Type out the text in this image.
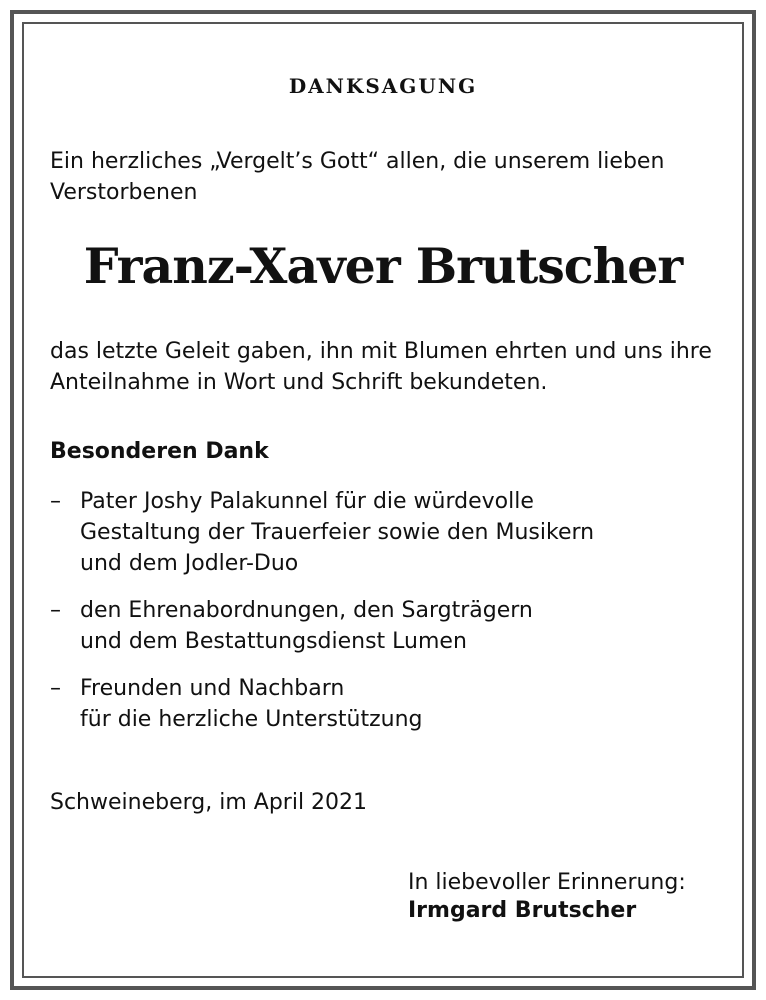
DANKSAGUNG
Ein herzliches „Vergelt’s Gott“ allen, die unserem lieben Verstorbenen
Franz-Xaver Brutscher
das letzte Geleit gaben, ihn mit Blumen ehrten und uns ihre Anteilnahme in Wort und Schrift bekundeten.
Besonderen Dank
– Pater Joshy Palakunnel für die würdevolle
Gestaltung der Trauerfeier sowie den Musikern
und dem Jodler-Duo
– den Ehrenabordnungen, den Sargträgern
und dem Bestattungsdienst Lumen
– Freunden und Nachbarn
für die herzliche Unterstützung
Schweineberg, im April 2021
In liebevoller Erinnerung:
Irmgard Brutscher
